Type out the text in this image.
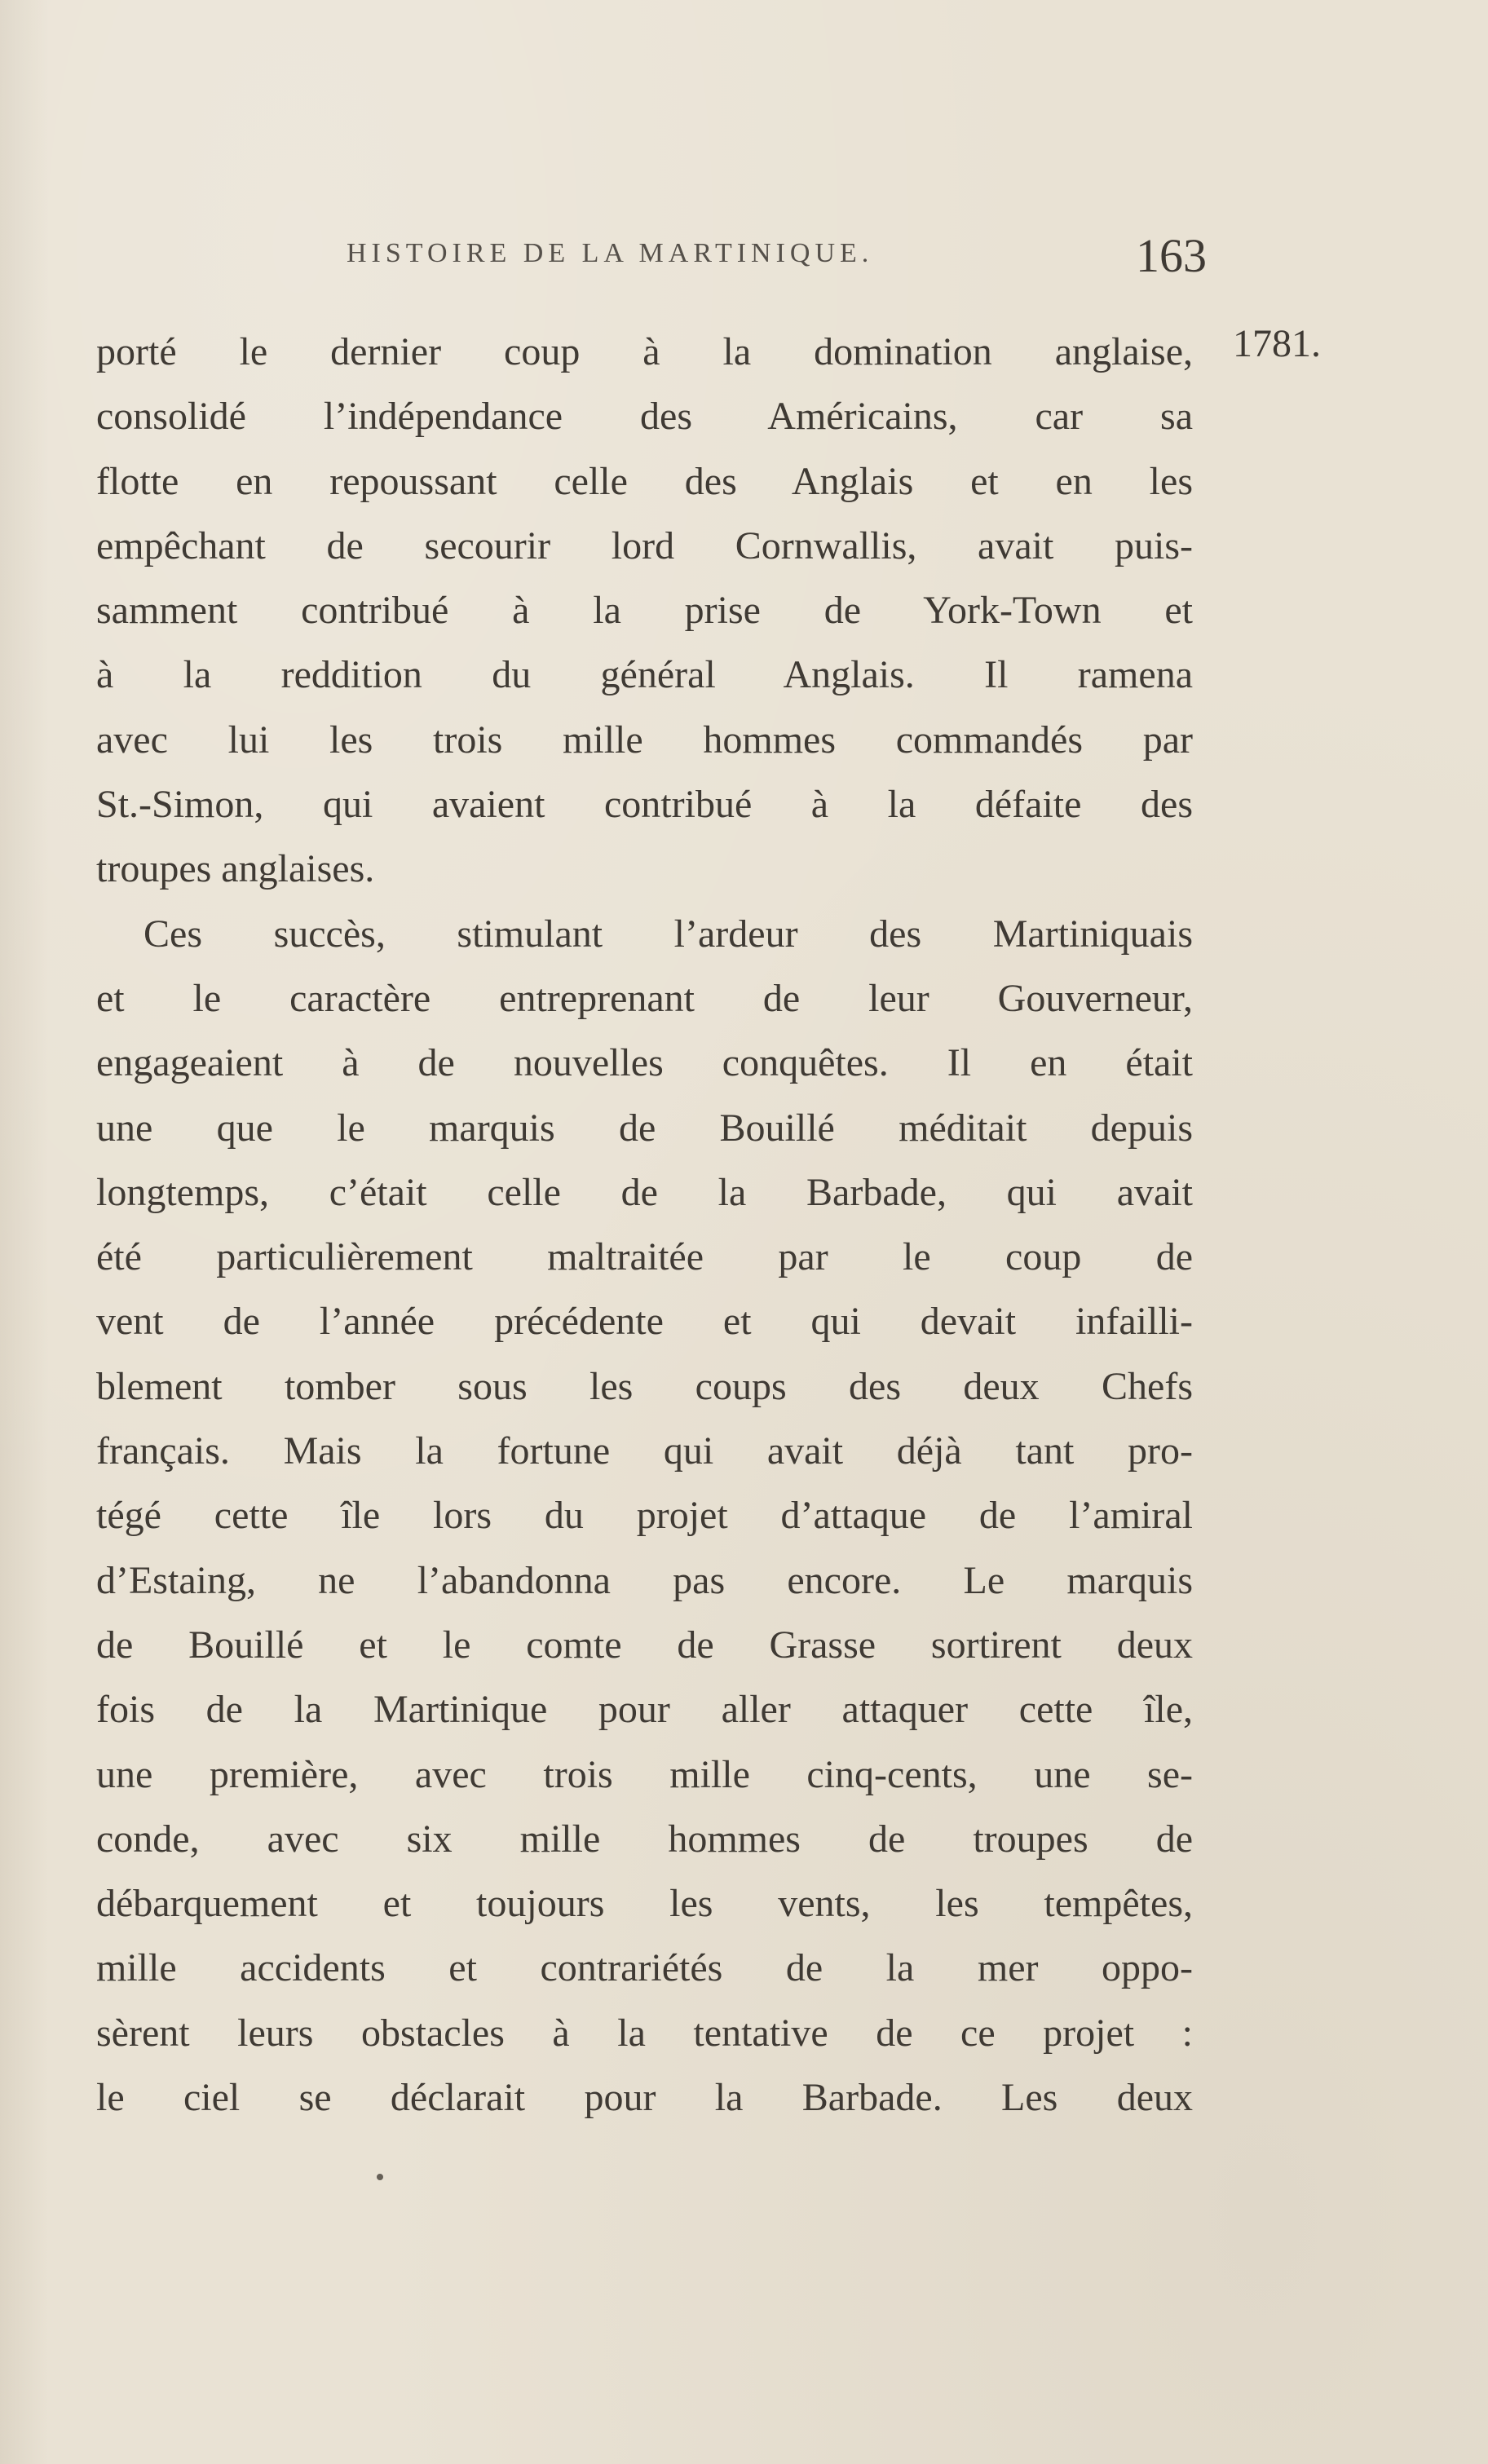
HISTOIRE DE LA MARTINIQUE.	163
1781.
porté le dernier coup à la domination anglaise,
consolidé l’indépendance des Américains, car sa
flotte en repoussant celle des Anglais et en les
empêchant de secourir lord Cornwallis, avait puis-
samment contribué à la prise de York-Town et
à la reddition du général Anglais. Il ramena
avec lui les trois mille hommes commandés par
St.-Simon, qui avaient contribué à la défaite des
troupes anglaises.
Ces succès, stimulant l’ardeur des Martiniquais
et le caractère entreprenant de leur Gouverneur,
engageaient à de nouvelles conquêtes. Il en était
une que le marquis de Bouillé méditait depuis
longtemps, c’était celle de la Barbade, qui avait
été particulièrement maltraitée par le coup de
vent de l’année précédente et qui devait infailli-
blement tomber sous les coups des deux Chefs
français. Mais la fortune qui avait déjà tant pro-
tégé cette île lors du projet d’attaque de l’amiral
d’Estaing, ne l’abandonna pas encore. Le marquis
de Bouillé et le comte de Grasse sortirent deux
fois de la Martinique pour aller attaquer cette île,
une première, avec trois mille cinq-cents, une se-
conde, avec six mille hommes de troupes de
débarquement et toujours les vents, les tempêtes,
mille accidents et contrariétés de la mer oppo-
sèrent leurs obstacles à la tentative de ce projet :
le ciel se déclarait pour la Barbade. Les deux
